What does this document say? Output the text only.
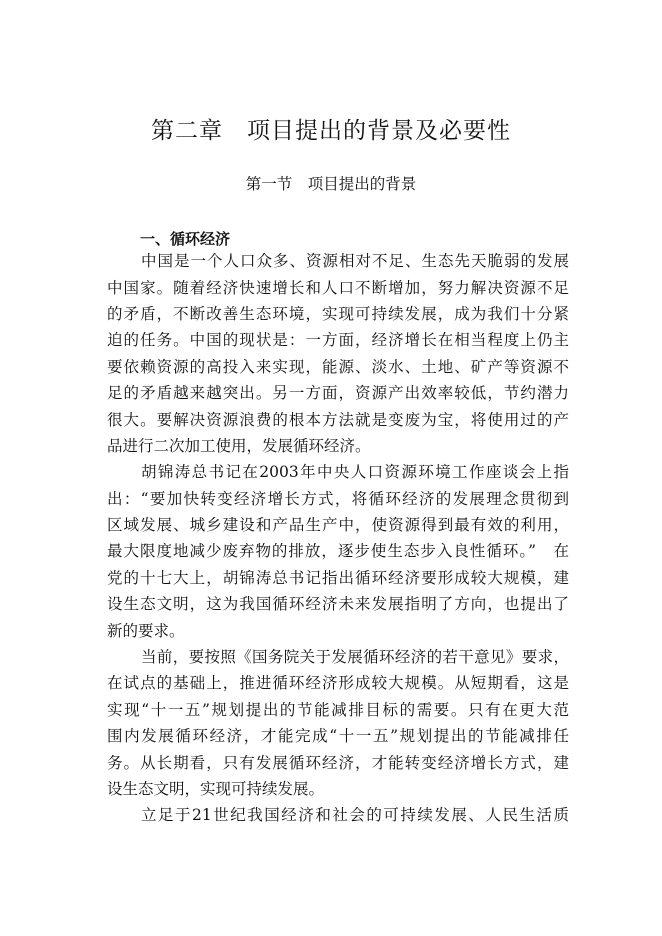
第二章　项目提出的背景及必要性
第一节　项目提出的背景
一、循环经济
中国是一个人口众多、资源相对不足、生态先天脆弱的发展
中国家。随着经济快速增长和人口不断增加，努力解决资源不足
的矛盾，不断改善生态环境，实现可持续发展，成为我们十分紧
迫的任务。中国的现状是：一方面，经济增长在相当程度上仍主
要依赖资源的高投入来实现，能源、淡水、土地、矿产等资源不
足的矛盾越来越突出。另一方面，资源产出效率较低，节约潜力
很大。要解决资源浪费的根本方法就是变废为宝，将使用过的产
品进行二次加工使用，发展循环经济。
胡锦涛总书记在2003年中央人口资源环境工作座谈会上指
出：“要加快转变经济增长方式，将循环经济的发展理念贯彻到
区域发展、城乡建设和产品生产中，使资源得到最有效的利用，
最大限度地减少废弃物的排放，逐步使生态步入良性循环。”　在
党的十七大上，胡锦涛总书记指出循环经济要形成较大规模，建
设生态文明，这为我国循环经济未来发展指明了方向，也提出了
新的要求。
当前，要按照《国务院关于发展循环经济的若干意见》要求，
在试点的基础上，推进循环经济形成较大规模。从短期看，这是
实现“十一五”规划提出的节能减排目标的需要。只有在更大范
围内发展循环经济，才能完成“十一五”规划提出的节能减排任
务。从长期看，只有发展循环经济，才能转变经济增长方式，建
设生态文明，实现可持续发展。
立足于21世纪我国经济和社会的可持续发展、人民生活质
